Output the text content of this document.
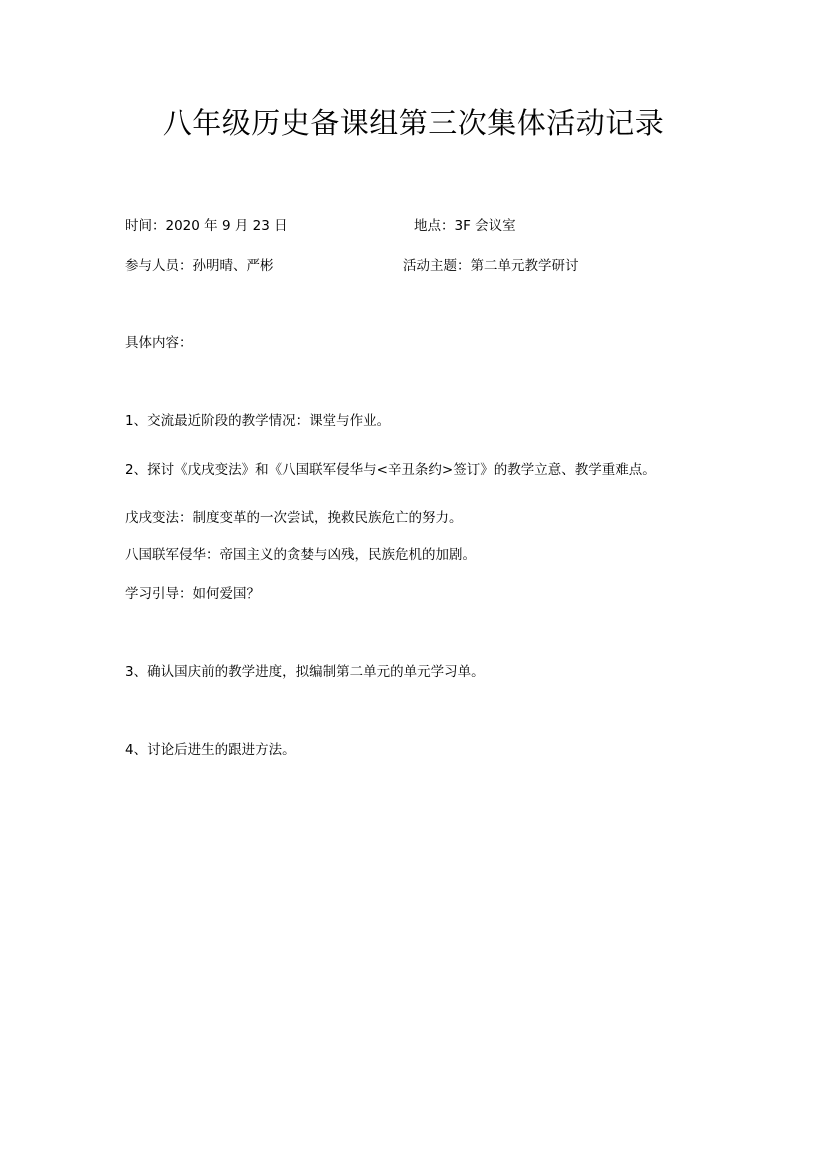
八年级历史备课组第三次集体活动记录
时间：2020 年 9 月 23 日	地点：3F 会议室
参与人员：孙明晴、严彬	活动主题：第二单元教学研讨
具体内容：
1、交流最近阶段的教学情况：课堂与作业。
2、探讨《戊戌变法》和《八国联军侵华与<辛丑条约>签订》的教学立意、教学重难点。
戊戌变法：制度变革的一次尝试，挽救民族危亡的努力。
八国联军侵华：帝国主义的贪婪与凶残，民族危机的加剧。
学习引导：如何爱国？
3、确认国庆前的教学进度，拟编制第二单元的单元学习单。
4、讨论后进生的跟进方法。
